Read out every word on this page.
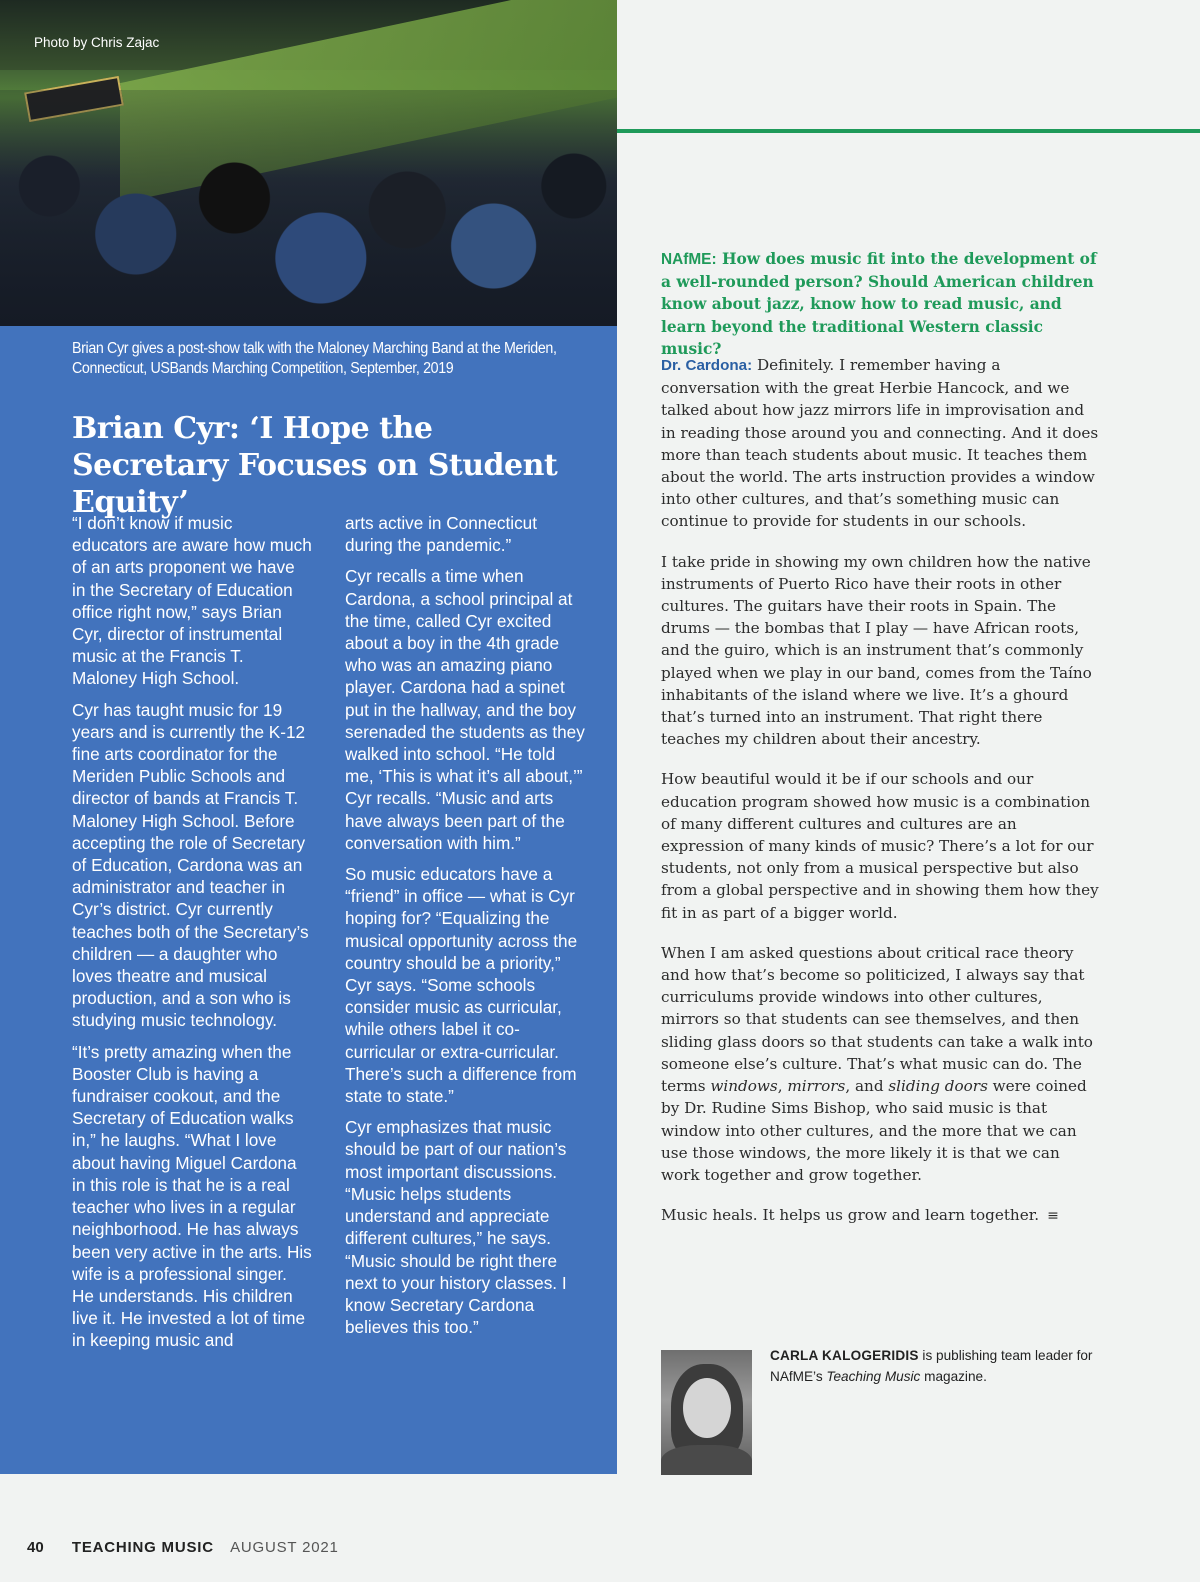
Photo by Chris Zajac
Brian Cyr gives a post-show talk with the Maloney Marching Band at the Meriden, Connecticut, USBands Marching Competition, September, 2019
Brian Cyr: ‘I Hope the Secretary Focuses on Student Equity’

“I don’t know if music educators are aware how much of an arts proponent we have in the Secretary of Education office right now,” says Brian Cyr, director of instrumental music at the Francis T. Maloney High School.

Cyr has taught music for 19 years and is currently the K-12 fine arts coordinator for the Meriden Public Schools and director of bands at Francis T. Maloney High School. Before accepting the role of Secretary of Education, Cardona was an administrator and teacher in Cyr’s district. Cyr currently teaches both of the Secretary’s children — a daughter who loves theatre and musical production, and a son who is studying music technology.

“It’s pretty amazing when the Booster Club is having a fundraiser cookout, and the Secretary of Education walks in,” he laughs. “What I love about having Miguel Cardona in this role is that he is a real teacher who lives in a regular neighborhood. He has always been very active in the arts. His wife is a professional singer. He understands. His children live it. He invested a lot of time in keeping music and

arts active in Connecticut during the pandemic.”

Cyr recalls a time when Cardona, a school principal at the time, called Cyr excited about a boy in the 4th grade who was an amazing piano player. Cardona had a spinet put in the hallway, and the boy serenaded the students as they walked into school. “He told me, ‘This is what it’s all about,’” Cyr recalls. “Music and arts have always been part of the conversation with him.”

So music educators have a “friend” in office — what is Cyr hoping for? “Equalizing the musical opportunity across the country should be a priority,” Cyr says. “Some schools consider music as curricular, while others label it co-curricular or extra-curricular. There’s such a difference from state to state.”

Cyr emphasizes that music should be part of our nation’s most important discussions. “Music helps students understand and appreciate different cultures,” he says. “Music should be right there next to your history classes. I know Secretary Cardona believes this too.”

NAfME: How does music fit into the development of a well-rounded person? Should American children know about jazz, know how to read music, and learn beyond the traditional Western classic music?

Dr. Cardona: Definitely. I remember having a conversation with the great Herbie Hancock, and we talked about how jazz mirrors life in improvisation and in reading those around you and connecting. And it does more than teach students about music. It teaches them about the world. The arts instruction provides a window into other cultures, and that’s something music can continue to provide for students in our schools.

I take pride in showing my own children how the native instruments of Puerto Rico have their roots in other cultures. The guitars have their roots in Spain. The drums — the bombas that I play — have African roots, and the guiro, which is an instrument that’s commonly played when we play in our band, comes from the Taíno inhabitants of the island where we live. It’s a ghourd that’s turned into an instrument. That right there teaches my children about their ancestry.

How beautiful would it be if our schools and our education program showed how music is a combination of many different cultures and cultures are an expression of many kinds of music? There’s a lot for our students, not only from a musical perspective but also from a global perspective and in showing them how they fit in as part of a bigger world.

When I am asked questions about critical race theory and how that’s become so politicized, I always say that curriculums provide windows into other cultures, mirrors so that students can see themselves, and then sliding glass doors so that students can take a walk into someone else’s culture. That’s what music can do. The terms windows, mirrors, and sliding doors were coined by Dr. Rudine Sims Bishop, who said music is that window into other cultures, and the more that we can use those windows, the more likely it is that we can work together and grow together.

Music heals. It helps us grow and learn together. ≡

CARLA KALOGERIDIS is publishing team leader for NAfME’s Teaching Music magazine.
40 TEACHING MUSIC AUGUST 2021
